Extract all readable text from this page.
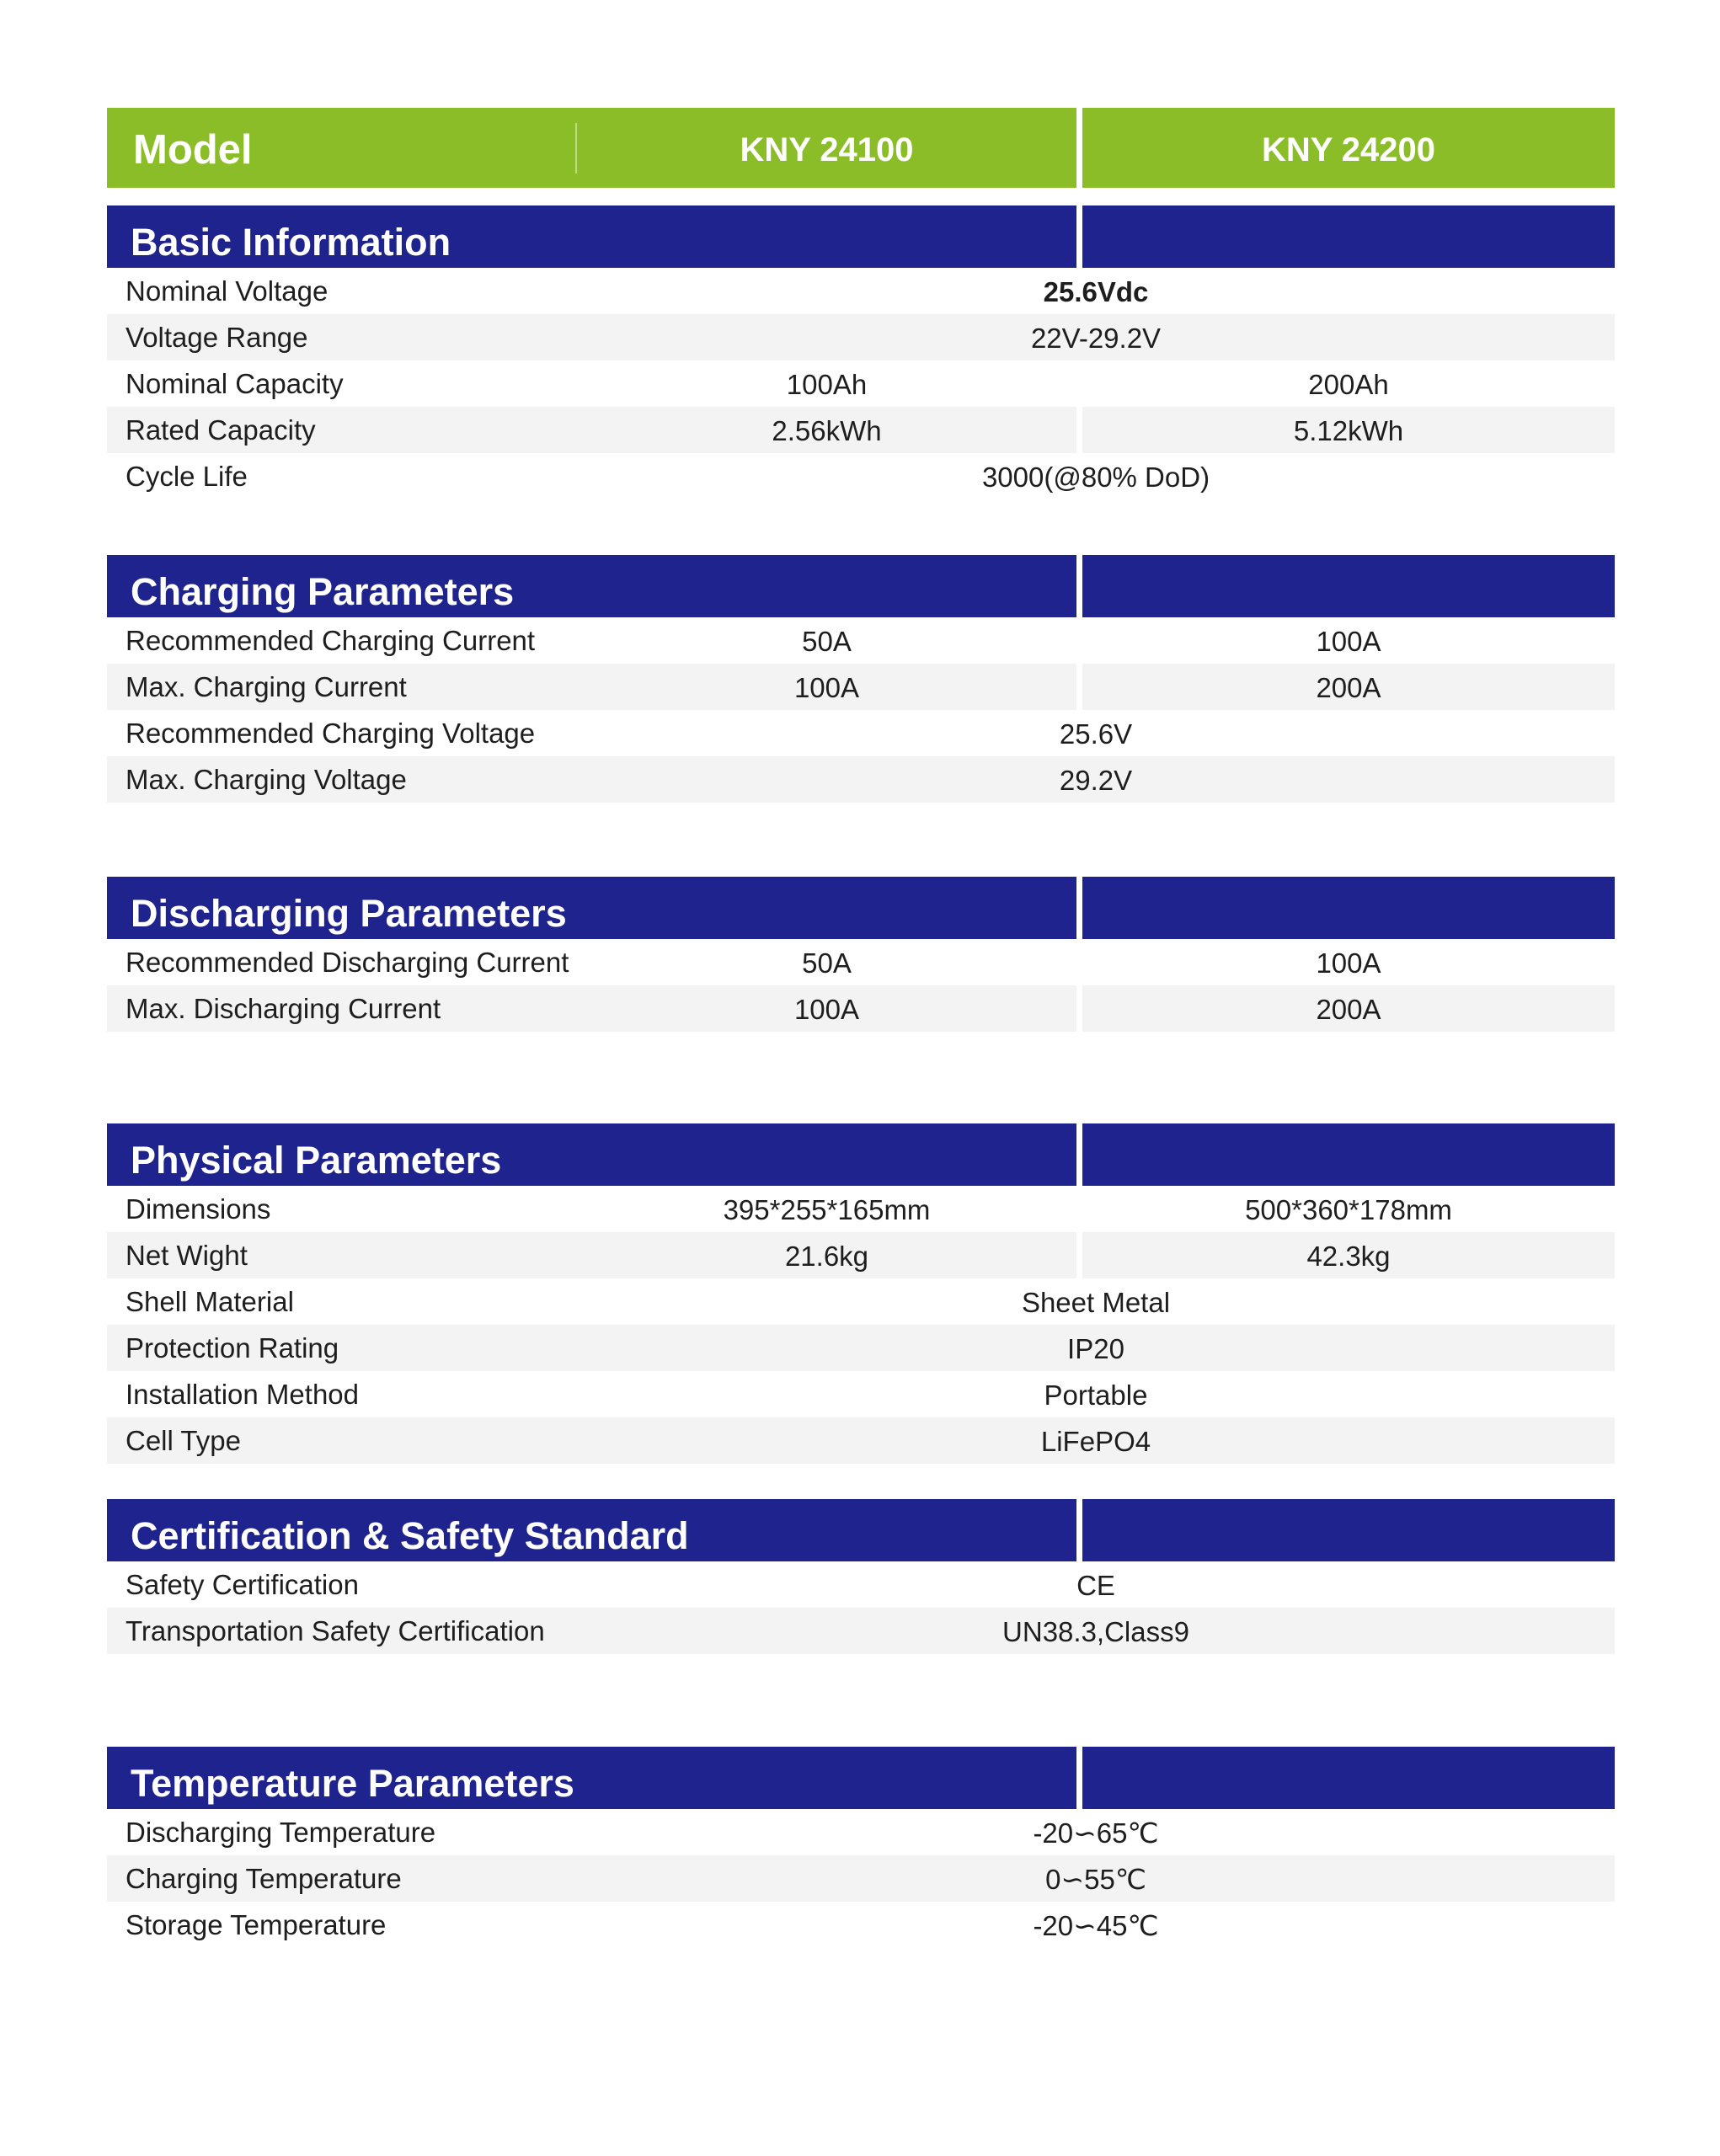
Model	KNY 24100	KNY 24200
Basic Information
Nominal Voltage	25.6Vdc
Voltage Range	22V-29.2V
Nominal Capacity	100Ah	200Ah
Rated Capacity	2.56kWh	5.12kWh
Cycle Life	3000(@80% DoD)
Charging Parameters
Recommended Charging Current	50A	100A
Max. Charging Current	100A	200A
Recommended Charging Voltage	25.6V
Max. Charging Voltage	29.2V
Discharging Parameters
Recommended Discharging Current	50A	100A
Max. Discharging Current	100A	200A
Physical Parameters
Dimensions	395*255*165mm	500*360*178mm
Net Wight	21.6kg	42.3kg
Shell Material	Sheet Metal
Protection Rating	IP20
Installation Method	Portable
Cell Type	LiFePO4
Certification & Safety Standard
Safety Certification	CE
Transportation Safety Certification	UN38.3,Class9
Temperature Parameters
Discharging Temperature	-20∽65℃
Charging Temperature	0∽55℃
Storage Temperature	-20∽45℃
